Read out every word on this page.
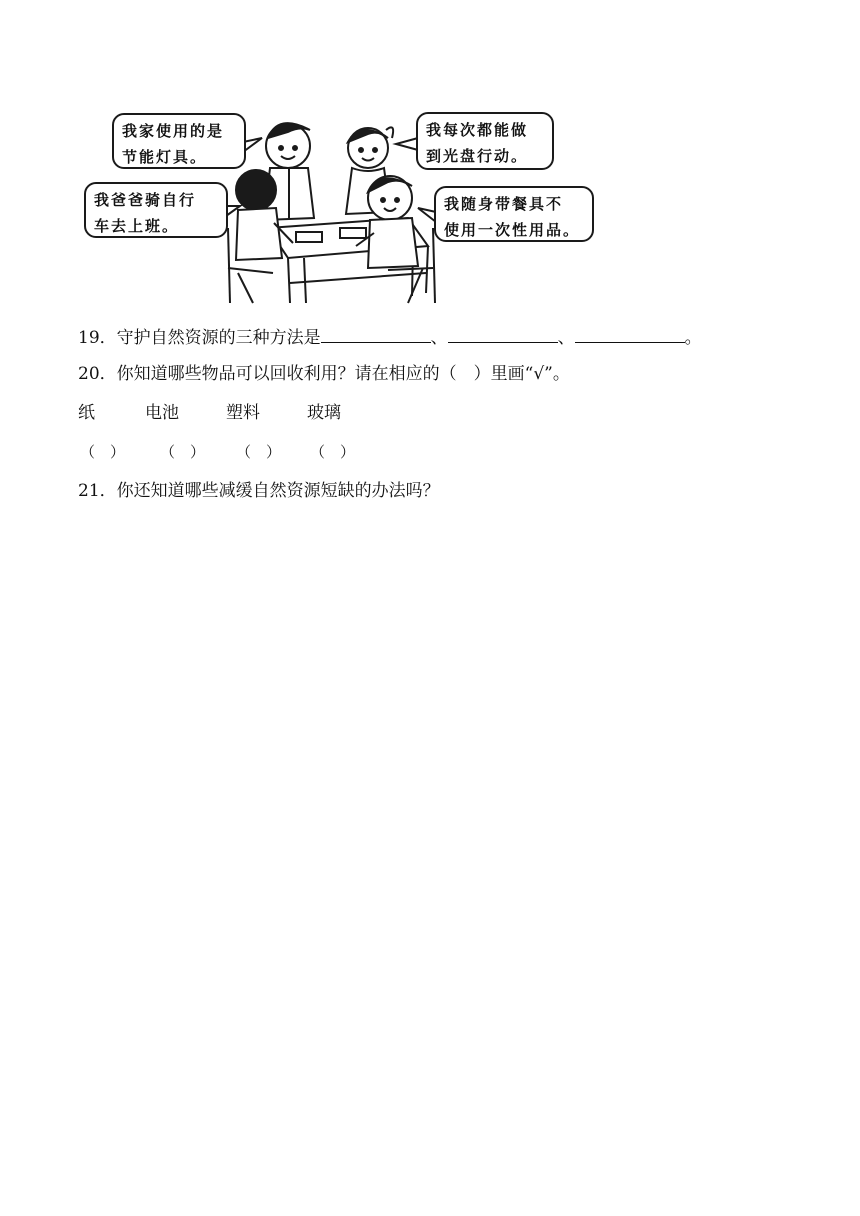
我家使用的是
节能灯具。
我每次都能做
到光盘行动。
我爸爸骑自行
车去上班。
我随身带餐具不
使用一次性用品。
19．守护自然资源的三种方法是	、	、	。
20．你知道哪些物品可以回收利用？请在相应的（　）里画“√”。
纸	电池	塑料	玻璃
（　） （　） （　） （　）
21．你还知道哪些减缓自然资源短缺的办法吗？
